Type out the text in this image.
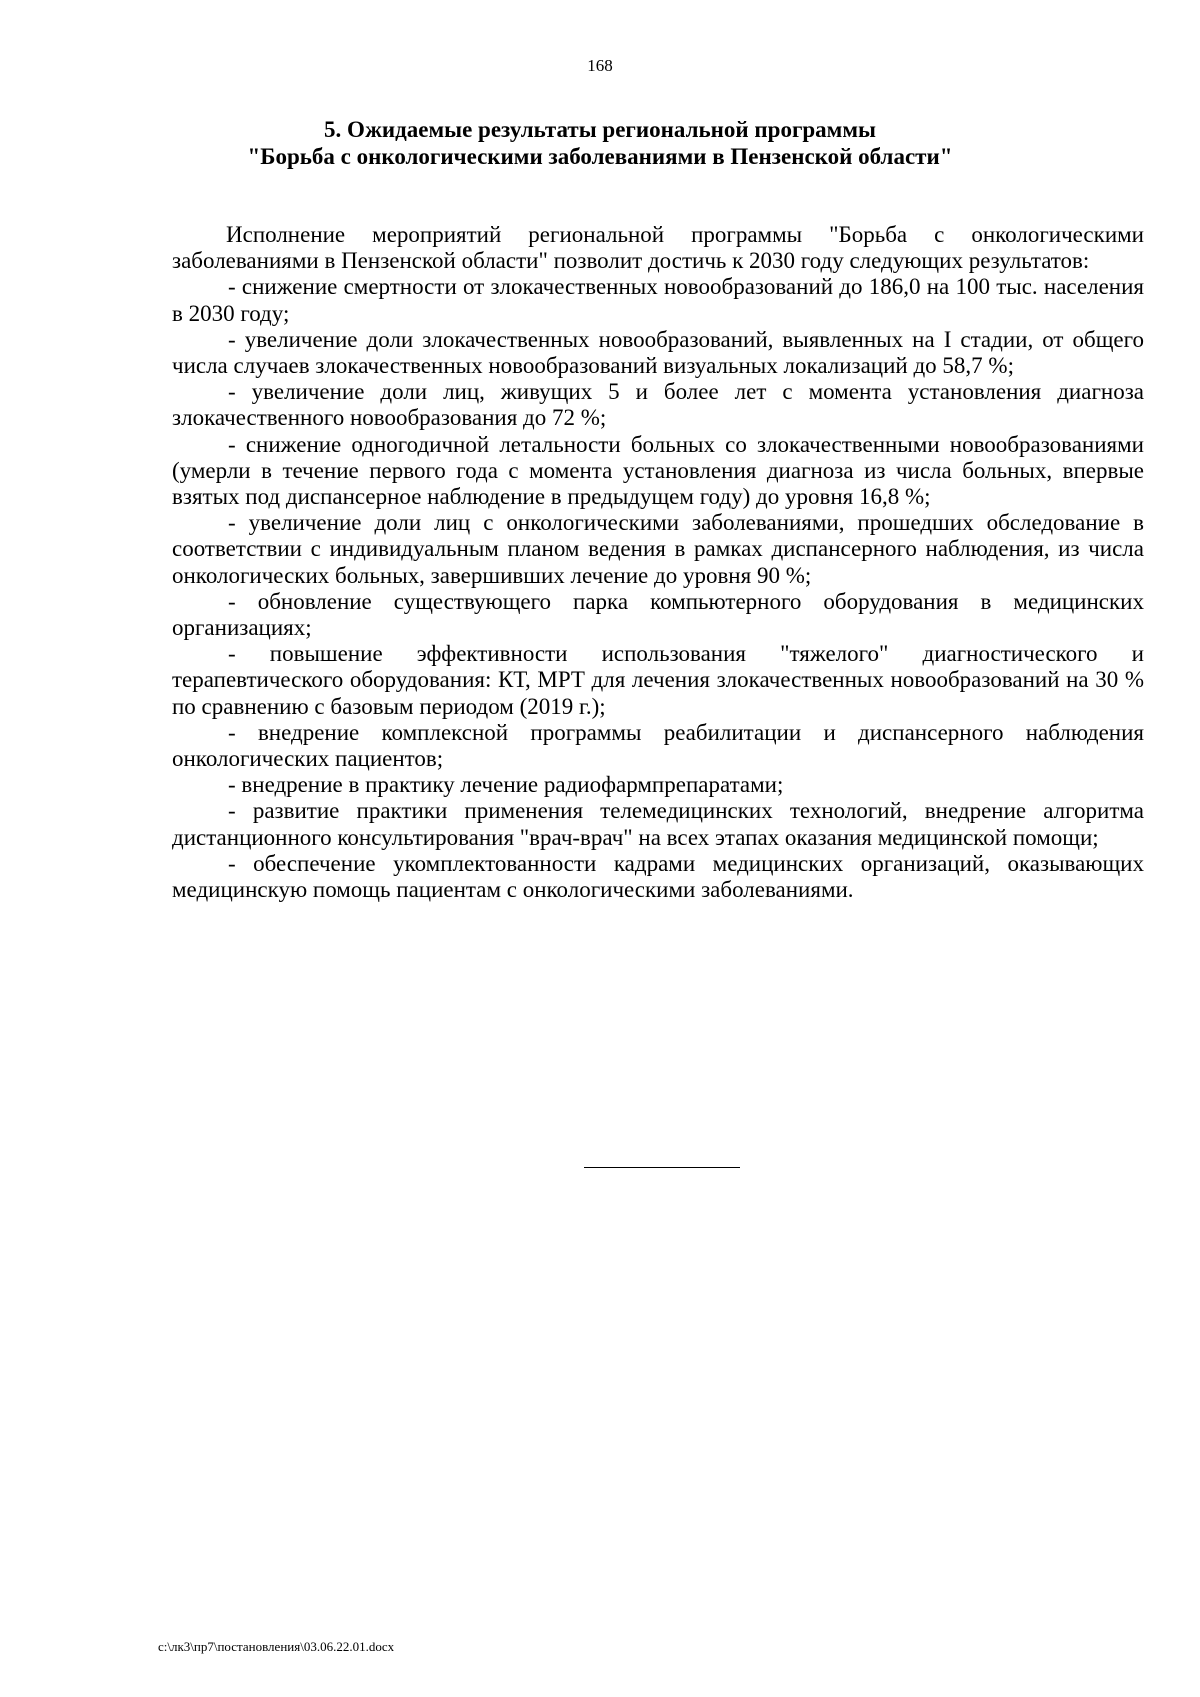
168
5. Ожидаемые результаты региональной программы
"Борьба с онкологическими заболеваниями в Пензенской области"

Исполнение мероприятий региональной программы "Борьба с онкологическими заболеваниями в Пензенской области" позволит достичь к 2030 году следующих результатов:

- снижение смертности от злокачественных новообразований до 186,0 на 100 тыс. населения в 2030 году;

- увеличение доли злокачественных новообразований, выявленных на I стадии, от общего числа случаев злокачественных новообразований визуальных локализаций до 58,7 %;

- увеличение доли лиц, живущих 5 и более лет с момента установления диагноза злокачественного новообразования до 72 %;

- снижение одногодичной летальности больных со злокачественными новообразованиями (умерли в течение первого года с момента установления диагноза из числа больных, впервые взятых под диспансерное наблюдение в предыдущем году) до уровня 16,8 %;

- увеличение доли лиц с онкологическими заболеваниями, прошедших обследование в соответствии с индивидуальным планом ведения в рамках диспансерного наблюдения, из числа онкологических больных, завершивших лечение до уровня 90 %;

- обновление существующего парка компьютерного оборудования в медицинских организациях;

- повышение эффективности использования "тяжелого" диагностического и терапевтического оборудования: КТ, МРТ для лечения злокачественных новообразований на 30 % по сравнению с базовым периодом (2019 г.);

- внедрение комплексной программы реабилитации и диспансерного наблюдения онкологических пациентов;

- внедрение в практику лечение радиофармпрепаратами;

- развитие практики применения телемедицинских технологий, внедрение алгоритма дистанционного консультирования "врач-врач" на всех этапах оказания медицинской помощи;

- обеспечение укомплектованности кадрами медицинских организаций, оказывающих медицинскую помощь пациентам с онкологическими заболеваниями.

c:\лк3\пр7\постановления\03.06.22.01.docx
